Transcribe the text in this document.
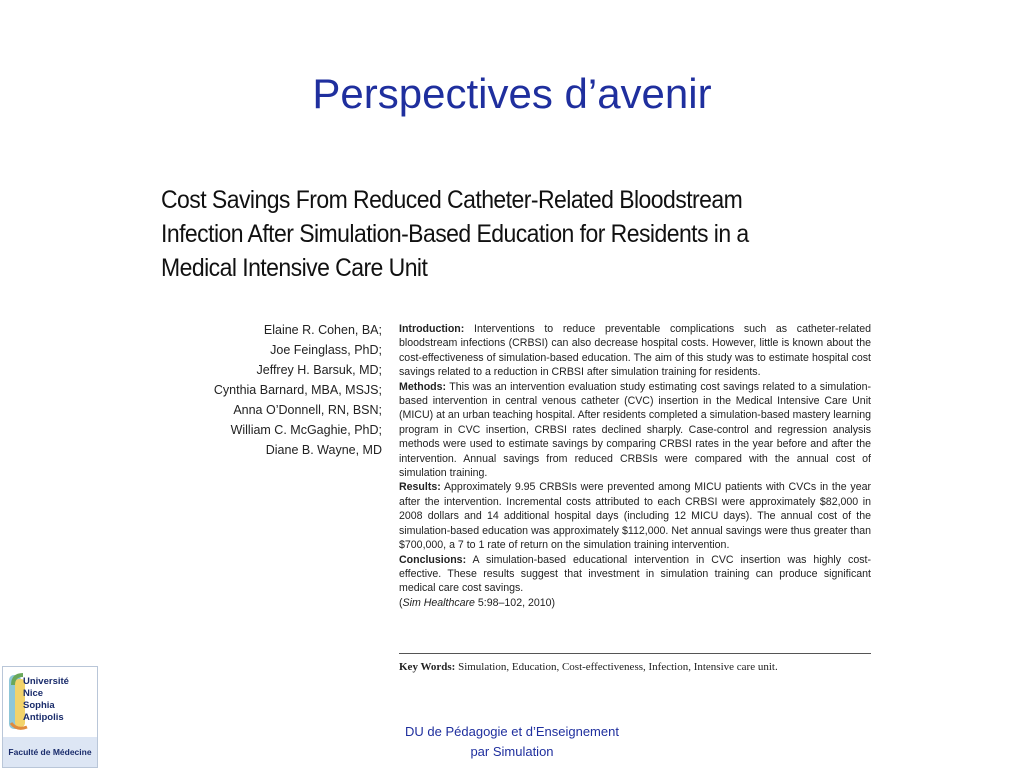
Perspectives d’avenir
Cost Savings From Reduced Catheter-Related Bloodstream Infection After Simulation-Based Education for Residents in a Medical Intensive Care Unit
Elaine R. Cohen, BA;
Joe Feinglass, PhD;
Jeffrey H. Barsuk, MD;
Cynthia Barnard, MBA, MSJS;
Anna O’Donnell, RN, BSN;
William C. McGaghie, PhD;
Diane B. Wayne, MD

Introduction: Interventions to reduce preventable complications such as catheter-related bloodstream infections (CRBSI) can also decrease hospital costs. However, little is known about the cost-effectiveness of simulation-based education. The aim of this study was to estimate hospital cost savings related to a reduction in CRBSI after simulation training for residents.

Methods: This was an intervention evaluation study estimating cost savings related to a simulation-based intervention in central venous catheter (CVC) insertion in the Medical Intensive Care Unit (MICU) at an urban teaching hospital. After residents completed a simulation-based mastery learning program in CVC insertion, CRBSI rates declined sharply. Case-control and regression analysis methods were used to estimate savings by comparing CRBSI rates in the year before and after the intervention. Annual savings from reduced CRBSIs were compared with the annual cost of simulation training.

Results: Approximately 9.95 CRBSIs were prevented among MICU patients with CVCs in the year after the intervention. Incremental costs attributed to each CRBSI were approximately $82,000 in 2008 dollars and 14 additional hospital days (including 12 MICU days). The annual cost of the simulation-based education was approximately $112,000. Net annual savings were thus greater than $700,000, a 7 to 1 rate of return on the simulation training intervention.

Conclusions: A simulation-based educational intervention in CVC insertion was highly cost-effective. These results suggest that investment in simulation training can produce significant medical care cost savings.

(Sim Healthcare 5:98–102, 2010)

Key Words: Simulation, Education, Cost-effectiveness, Infection, Intensive care unit.
Université
Nice
Sophia Antipolis
Faculté de Médecine
DU de Pédagogie et d’Enseignement
par Simulation
